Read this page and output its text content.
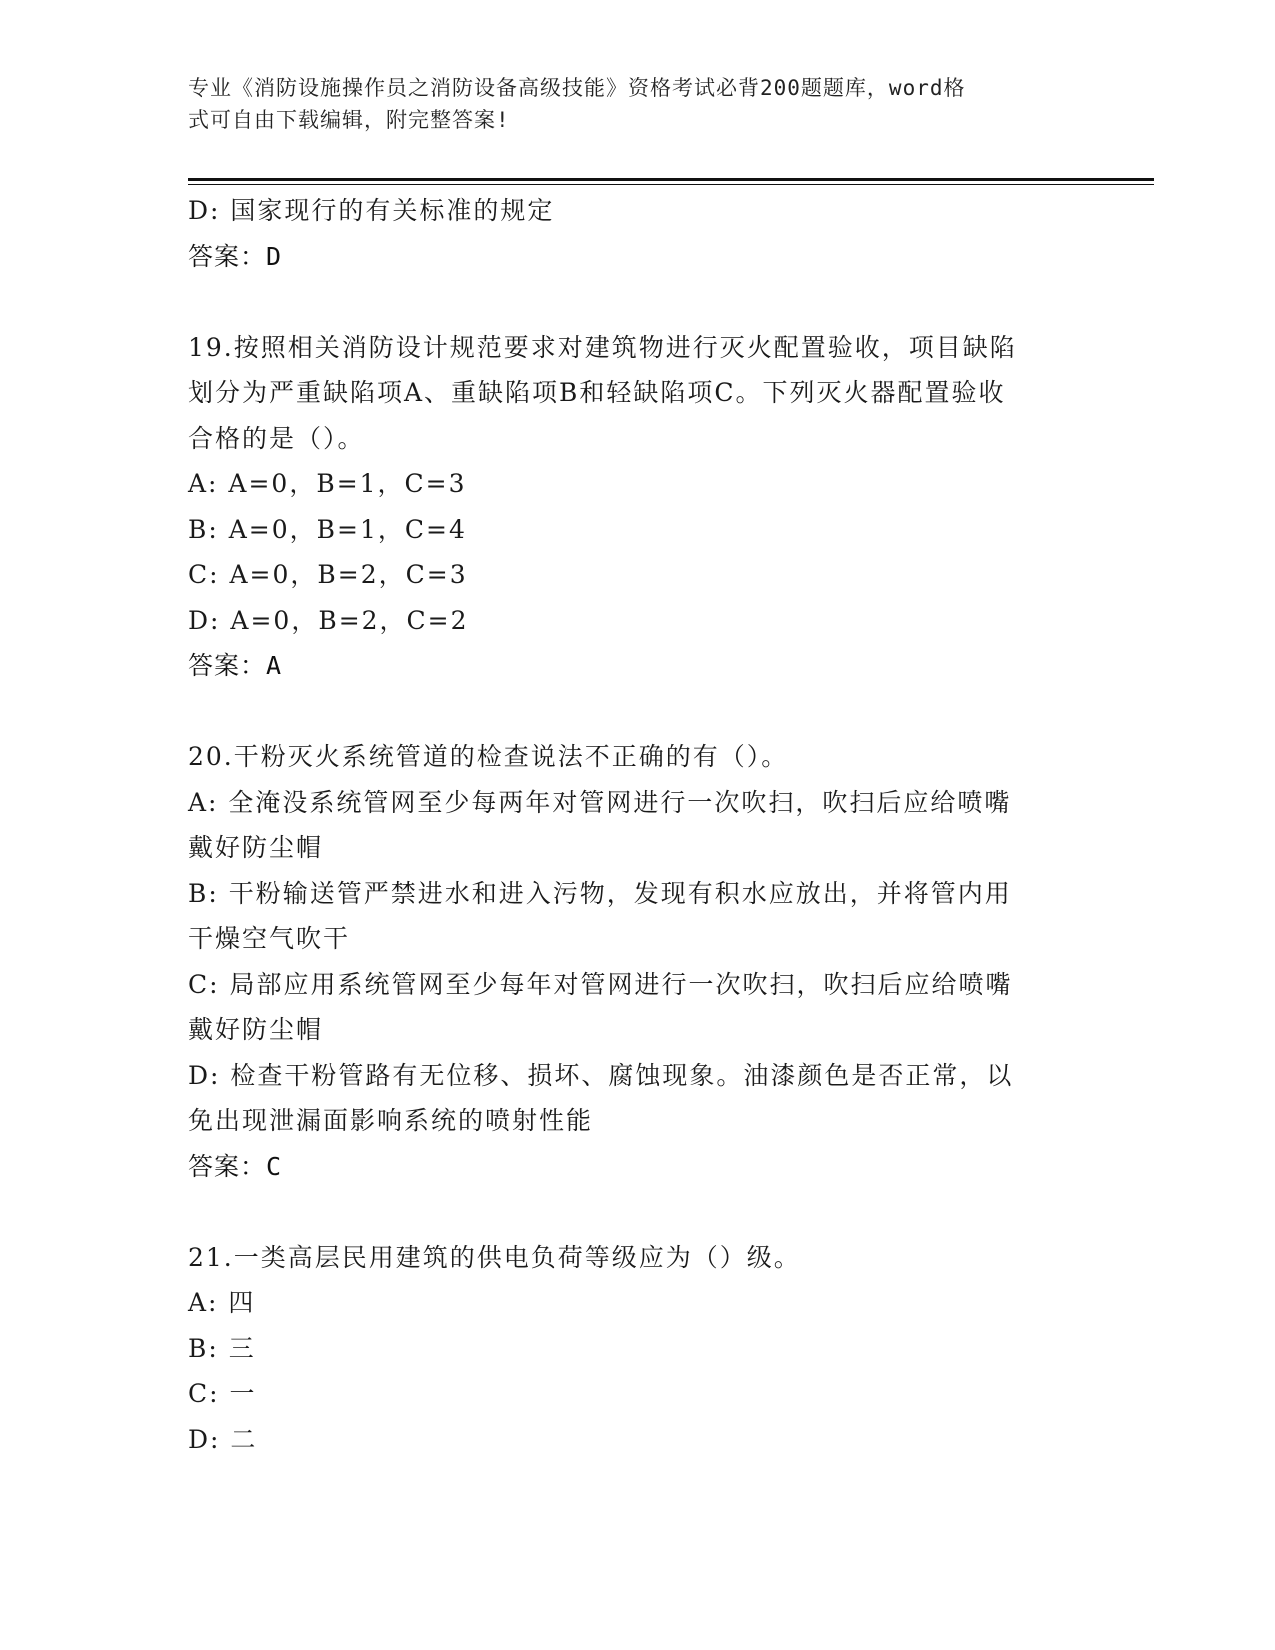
专业《消防设施操作员之消防设备高级技能》资格考试必背200题题库，word格
式可自由下载编辑，附完整答案!
D: 国家现行的有关标准的规定
答案：D
19.按照相关消防设计规范要求对建筑物进行灭火配置验收，项目缺陷
划分为严重缺陷项A、重缺陷项B和轻缺陷项C。下列灭火器配置验收
合格的是（）。
A: A=0，B=1，C=3
B: A=0，B=1，C=4
C: A=0，B=2，C=3
D: A=0，B=2，C=2
答案：A
20.干粉灭火系统管道的检查说法不正确的有（）。
A: 全淹没系统管网至少每两年对管网进行一次吹扫，吹扫后应给喷嘴
戴好防尘帽
B: 干粉输送管严禁进水和进入污物，发现有积水应放出，并将管内用
干燥空气吹干
C: 局部应用系统管网至少每年对管网进行一次吹扫，吹扫后应给喷嘴
戴好防尘帽
D: 检查干粉管路有无位移、损坏、腐蚀现象。油漆颜色是否正常，以
免出现泄漏面影响系统的喷射性能
答案：C
21.一类高层民用建筑的供电负荷等级应为（）级。
A: 四
B: 三
C: 一
D: 二
